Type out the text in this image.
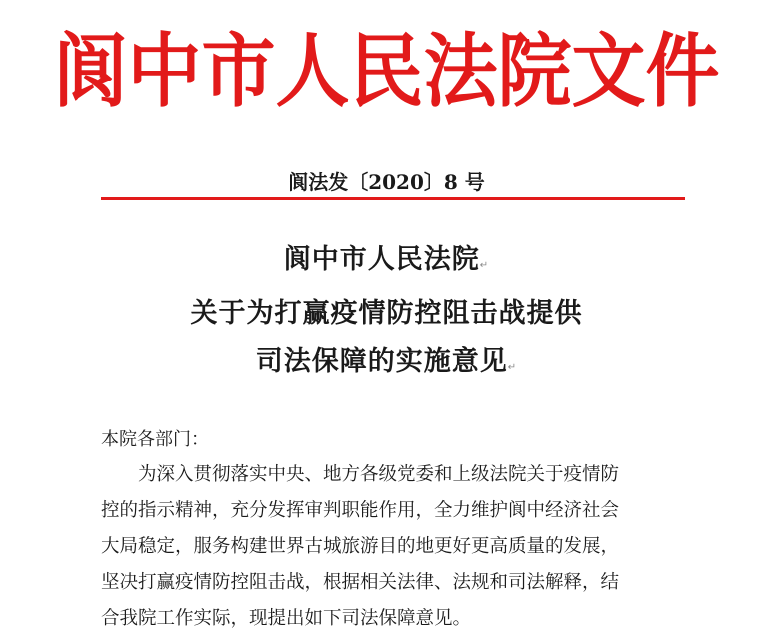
阆中市人民法院文件
阆法发〔2020〕8 号
阆中市人民法院↵
关于为打赢疫情防控阻击战提供
司法保障的实施意见↵
本院各部门：
为深入贯彻落实中央、地方各级党委和上级法院关于疫情防
控的指示精神，充分发挥审判职能作用，全力维护阆中经济社会
大局稳定，服务构建世界古城旅游目的地更好更高质量的发展，
坚决打赢疫情防控阻击战，根据相关法律、法规和司法解释，结
合我院工作实际，现提出如下司法保障意见。
